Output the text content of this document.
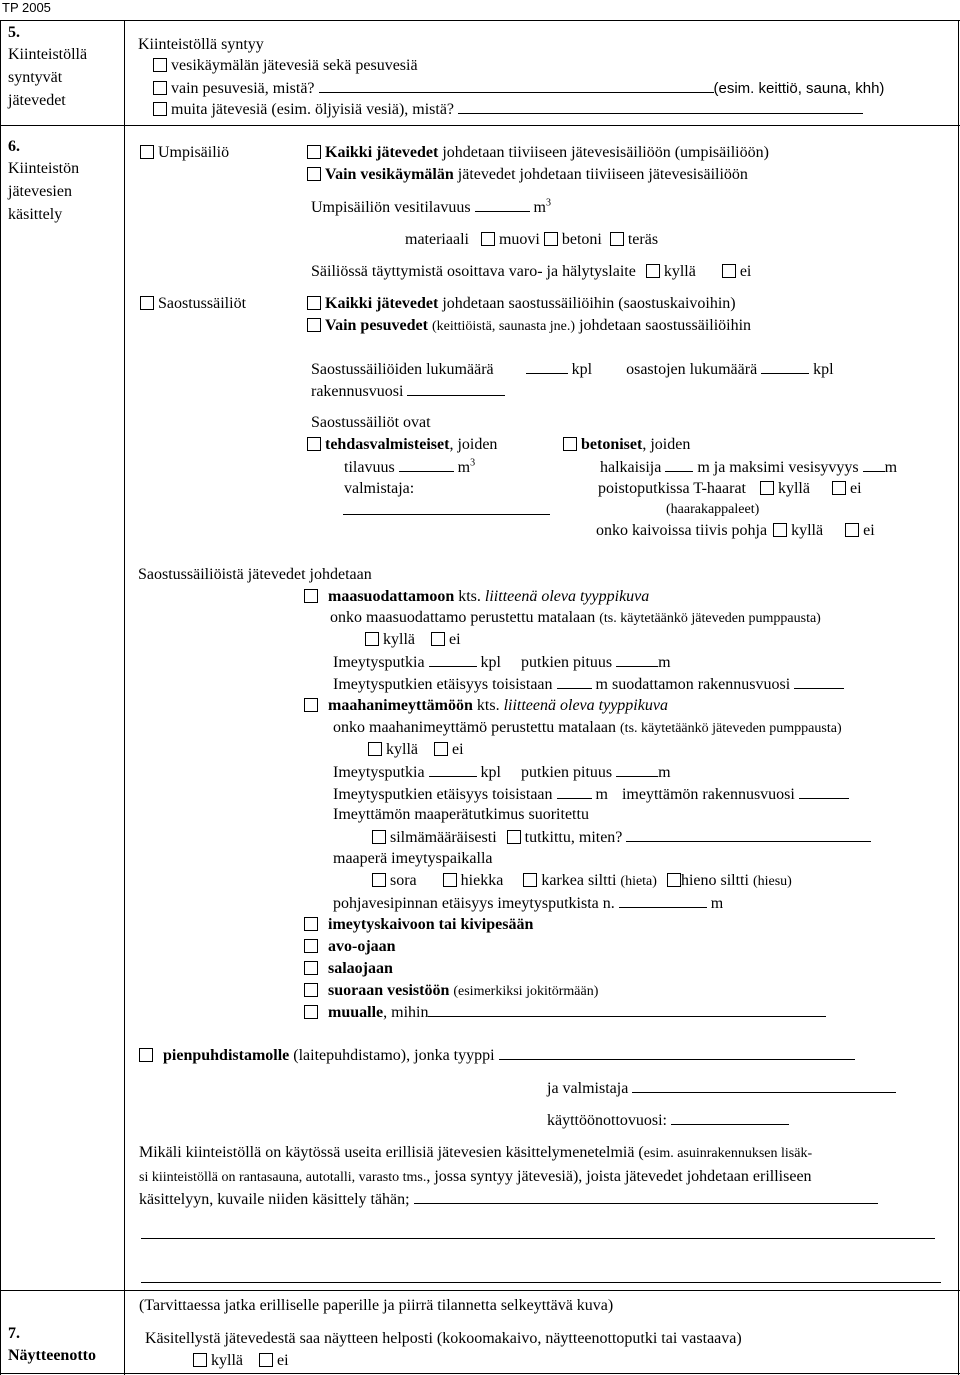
TP 2005
5.
Kiinteistöllä
syntyvät
jätevedet
Kiinteistöllä syntyy
vesikäymälän jätevesiä sekä pesuvesiä
vain pesuvesiä, mistä?	(esim. keittiö, sauna, khh)
muita jätevesiä (esim. öljyisiä vesiä), mistä?
6.
Kiinteistön
jätevesien
käsittely
Umpisäiliö	Kaikki jätevedet johdetaan tiiviiseen jätevesisäiliöön (umpisäiliöön)
Vain vesikäymälän jätevedet johdetaan tiiviiseen jätevesisäiliöön
Umpisäiliön vesitilavuus	$m^3$
materiaali muovi betoni teräs
Säiliössä täyttymistä osoittava varo- ja hälytyslaite kyllä	ei
Saostussäiliöt	Kaikki jätevedet johdetaan saostussäiliöihin (saostuskaivoihin)
Vain pesuvedet (keittiöistä, saunasta jne.) johdetaan saostussäiliöihin
Saostussäiliöiden lukumäärä	kpl osastojen lukumäärä	kpl
rakennusvuosi
Saostussäiliöt ovat
tehdasvalmisteiset, joiden
tilavuus	$m^3$
valmistaja:
betoniset, joiden
halkaisija m ja maksimi vesisyvyys m
poistoputkissa T-haarat kyllä	ei
(haarakappaleet)
onko kaivoissa tiivis pohja kyllä	ei
Saostussäiliöistä jätevedet johdetaan
maasuodattamoon kts. liitteenä oleva tyyppikuva
onko maasuodattamo perustettu matalaan (ts. käytetäänkö jäteveden pumppausta)
kyllä ei
Imeytysputkia	kpl putkien pituus	m
Imeytysputkien etäisyys toisistaan	m suodattamon rakennusvuosi
maahanimeyttämöön kts. liitteenä oleva tyyppikuva
onko maahanimeyttämö perustettu matalaan (ts. käytetäänkö jäteveden pumppausta)
kyllä ei
Imeytysputkia	kpl putkien pituus	m
Imeytysputkien etäisyys toisistaan	m imeyttämön rakennusvuosi
Imeyttämön maaperätutkimus suoritettu
silmämääräisesti tutkittu, miten?
maaperä imeytyspaikalla
sora	hiekka karkea siltti (hieta) hieno siltti (hiesu)
pohjavesipinnan etäisyys imeytysputkista n.	m
imeytyskaivoon tai kivipesään
avo-ojaan
salaojaan
suoraan vesistöön (esimerkiksi jokitörmään)
muualle, mihin
pienpuhdistamolle (laitepuhdistamo), jonka tyyppi
ja valmistaja
käyttöönottovuosi:
Mikäli kiinteistöllä on käytössä useita erillisiä jätevesien käsittelymenetelmiä (esim. asuinrakennuksen lisäk-
si kiinteistöllä on rantasauna, autotalli, varasto tms., jossa syntyy jätevesiä), joista jätevedet johdetaan erilliseen
käsittelyyn, kuvaile niiden käsittely tähän;
(Tarvittaessa jatka erilliselle paperille ja piirrä tilannetta selkeyttävä kuva)
7.
Näytteenotto
Käsitellystä jätevedestä saa näytteen helposti (kokoomakaivo, näytteenottoputki tai vastaava)
kyllä ei
